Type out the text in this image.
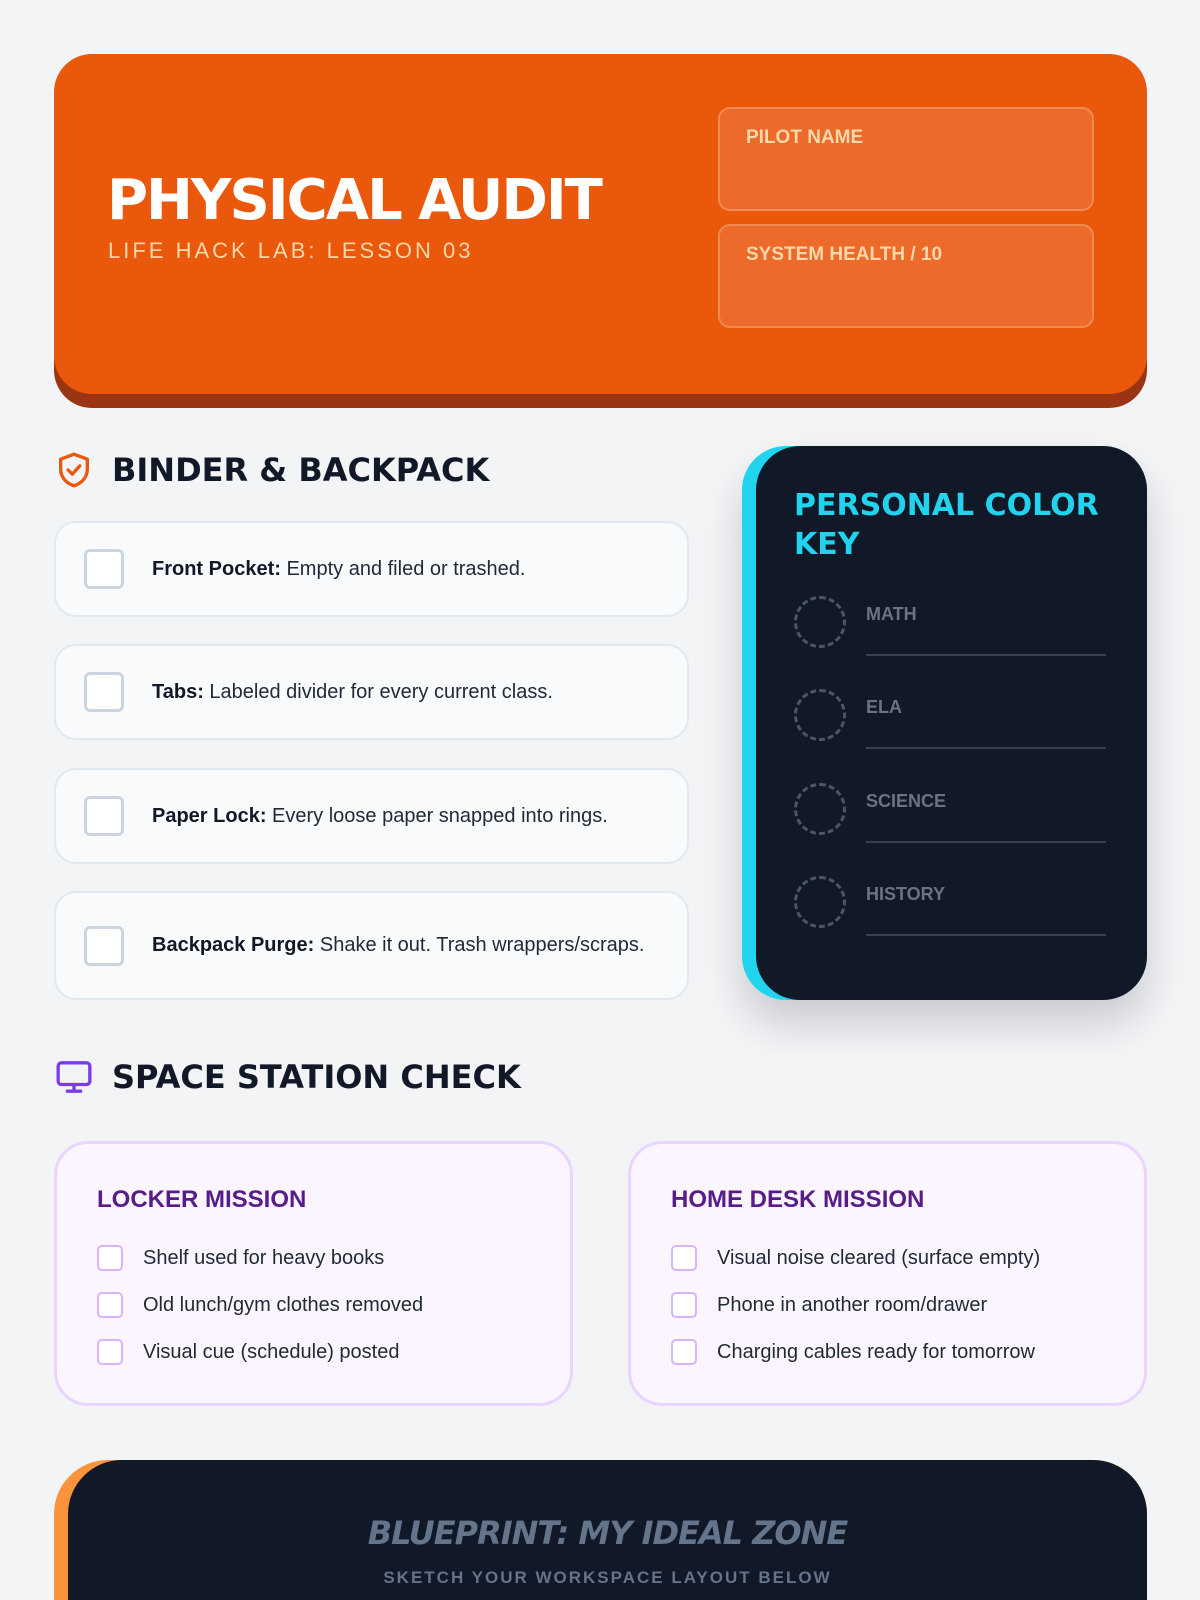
PHYSICAL AUDIT
LIFE HACK LAB: LESSON 03
PILOT NAME
SYSTEM HEALTH / 10
BINDER & BACKPACK
Front Pocket: Empty and filed or trashed.
Tabs: Labeled divider for every current class.
Paper Lock: Every loose paper snapped into rings.
Backpack Purge: Shake it out. Trash wrappers/scraps.
PERSONAL COLOR KEY
MATH
ELA
SCIENCE
HISTORY
SPACE STATION CHECK
LOCKER MISSION
Shelf used for heavy books
Old lunch/gym clothes removed
Visual cue (schedule) posted
HOME DESK MISSION
Visual noise cleared (surface empty)
Phone in another room/drawer
Charging cables ready for tomorrow
BLUEPRINT: MY IDEAL ZONE
SKETCH YOUR WORKSPACE LAYOUT BELOW
